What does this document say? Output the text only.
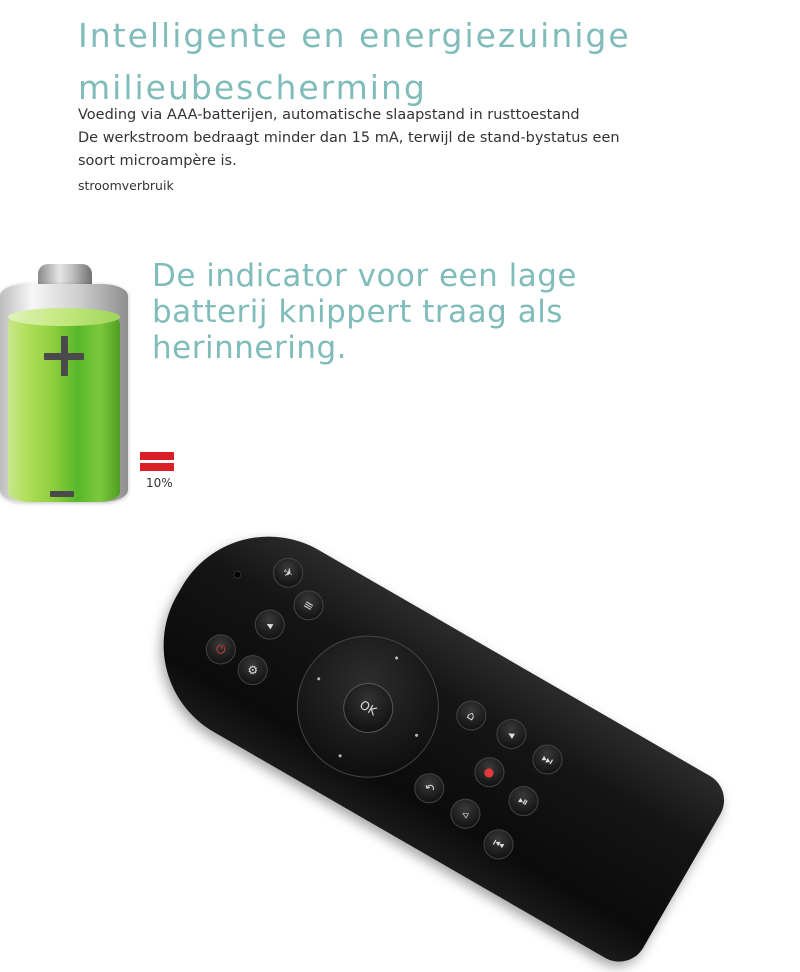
Intelligente en energiezuinige
milieubescherming

Voeding via AAA-batterijen, automatische slaapstand in rusttoestand

De werkstroom bedraagt minder dan 15 mA, terwijl de stand-bystatus een soort microampère is.

stroomverbruik

10%
De indicator voor een lage batterij knippert traag als herinnering.
✈
≡
◂
⏻
⚙
OK	⌂
↶
◂
●
⏭
⏯
◃
⏮
